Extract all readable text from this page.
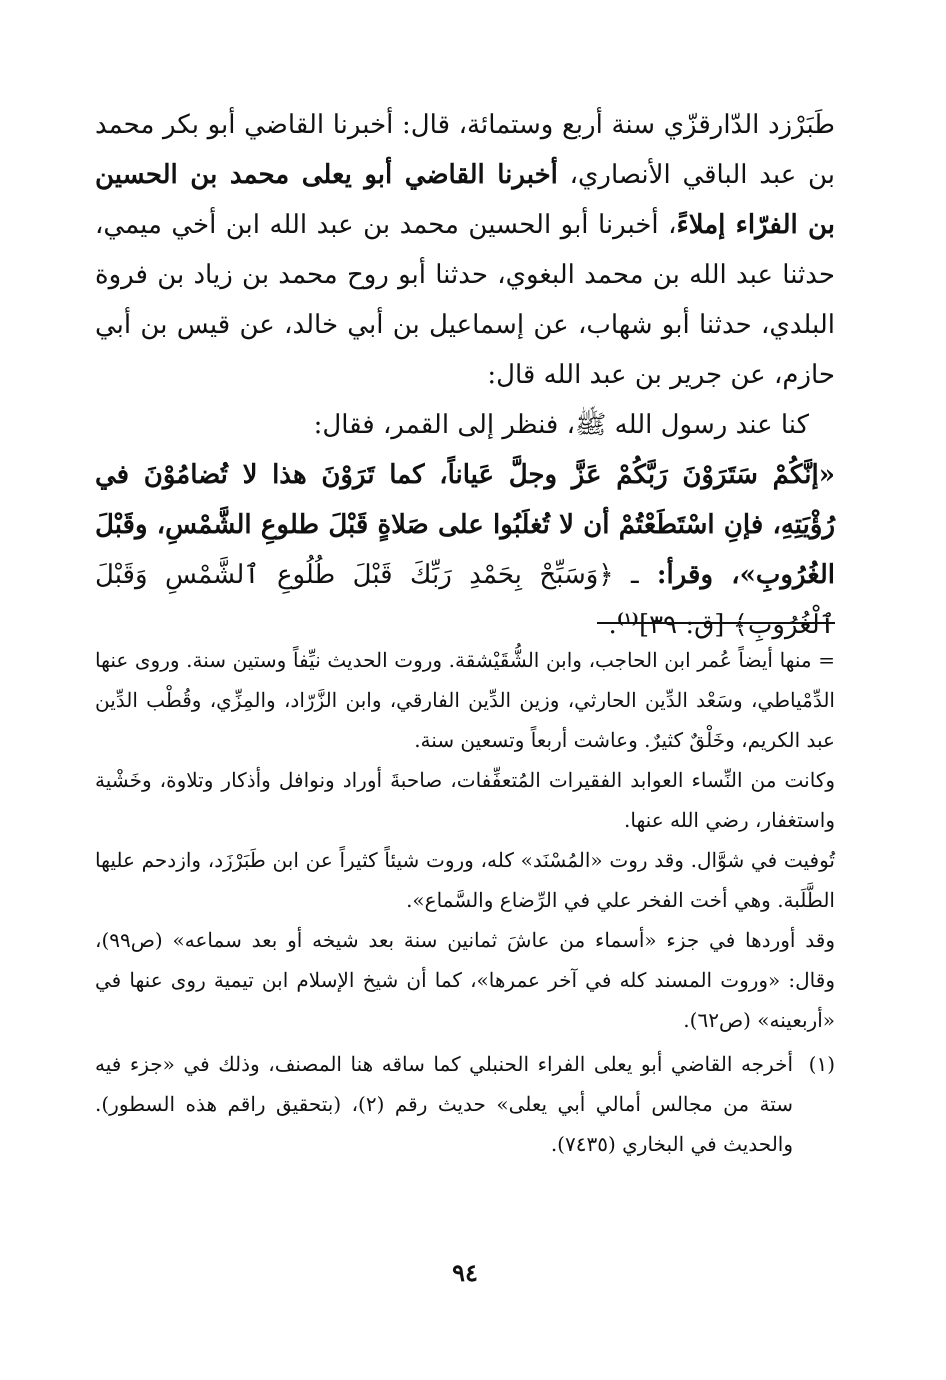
طَبَرْزد الدّارقزّي سنة أربع وستمائة، قال: أخبرنا القاضي أبو بكر محمد بن عبد الباقي الأنصاري، أخبرنا القاضي أبو يعلى محمد بن الحسين بن الفرّاء إملاءً، أخبرنا أبو الحسين محمد بن عبد الله ابن أخي ميمي، حدثنا عبد الله بن محمد البغوي، حدثنا أبو روح محمد بن زياد بن فروة البلدي، حدثنا أبو شهاب، عن إسماعيل بن أبي خالد، عن قيس بن أبي حازم، عن جرير بن عبد الله قال:

كنا عند رسول الله ﷺ، فنظر إلى القمر، فقال:

«إنَّكُمْ سَتَرَوْنَ رَبَّكُمْ عَزَّ وجلَّ عَياناً، كما تَرَوْنَ هذا لا تُضامُوْنَ في رُؤْيَتِهِ، فإنِ اسْتَطَعْتُمْ أن لا تُغلَبُوا على صَلاةٍ قَبْلَ طلوعِ الشَّمْسِ، وقَبْلَ الغُرُوبِ»، وقرأ: ـ ﴿وَسَبِّحْ بِحَمْدِ رَبِّكَ قَبْلَ طُلُوعِ ٱلشَّمْسِ وَقَبْلَ ٱلْغُرُوبِ﴾ [ق: ٣٩]$^{(١)}$.

= منها أيضاً عُمر ابن الحاجب، وابن الشُّقَيْشقة. وروت الحديث نيِّفاً وستين سنة. وروى عنها الدِّمْياطي، وسَعْد الدِّين الحارثي، وزين الدِّين الفارقي، وابن الزَّرّاد، والمِزِّي، وقُطْب الدِّين عبد الكريم، وخَلْقٌ كثيرٌ. وعاشت أربعاً وتسعين سنة.

وكانت من النِّساء العوابد الفقيرات المُتعفِّفات، صاحبةَ أوراد ونوافل وأذكار وتلاوة، وخَشْية واستغفار، رضي الله عنها.

تُوفيت في شوَّال. وقد روت «المُسْنَد» كله، وروت شيئاً كثيراً عن ابن طَبَرْزَد، وازدحم عليها الطَّلَبة. وهي أخت الفخر علي في الرِّضاع والسَّماع».

وقد أوردها في جزء «أسماء من عاشَ ثمانين سنة بعد شيخه أو بعد سماعه» (ص٩٩)، وقال: «وروت المسند كله في آخر عمرها»، كما أن شيخ الإسلام ابن تيمية روى عنها في «أربعينه» (ص٦٢).

(١)
أخرجه القاضي أبو يعلى الفراء الحنبلي كما ساقه هنا المصنف، وذلك في «جزء فيه ستة من مجالس أمالي أبي يعلى» حديث رقم (٢)، (بتحقيق راقم هذه السطور). والحديث في البخاري (٧٤٣٥).
٩٤
